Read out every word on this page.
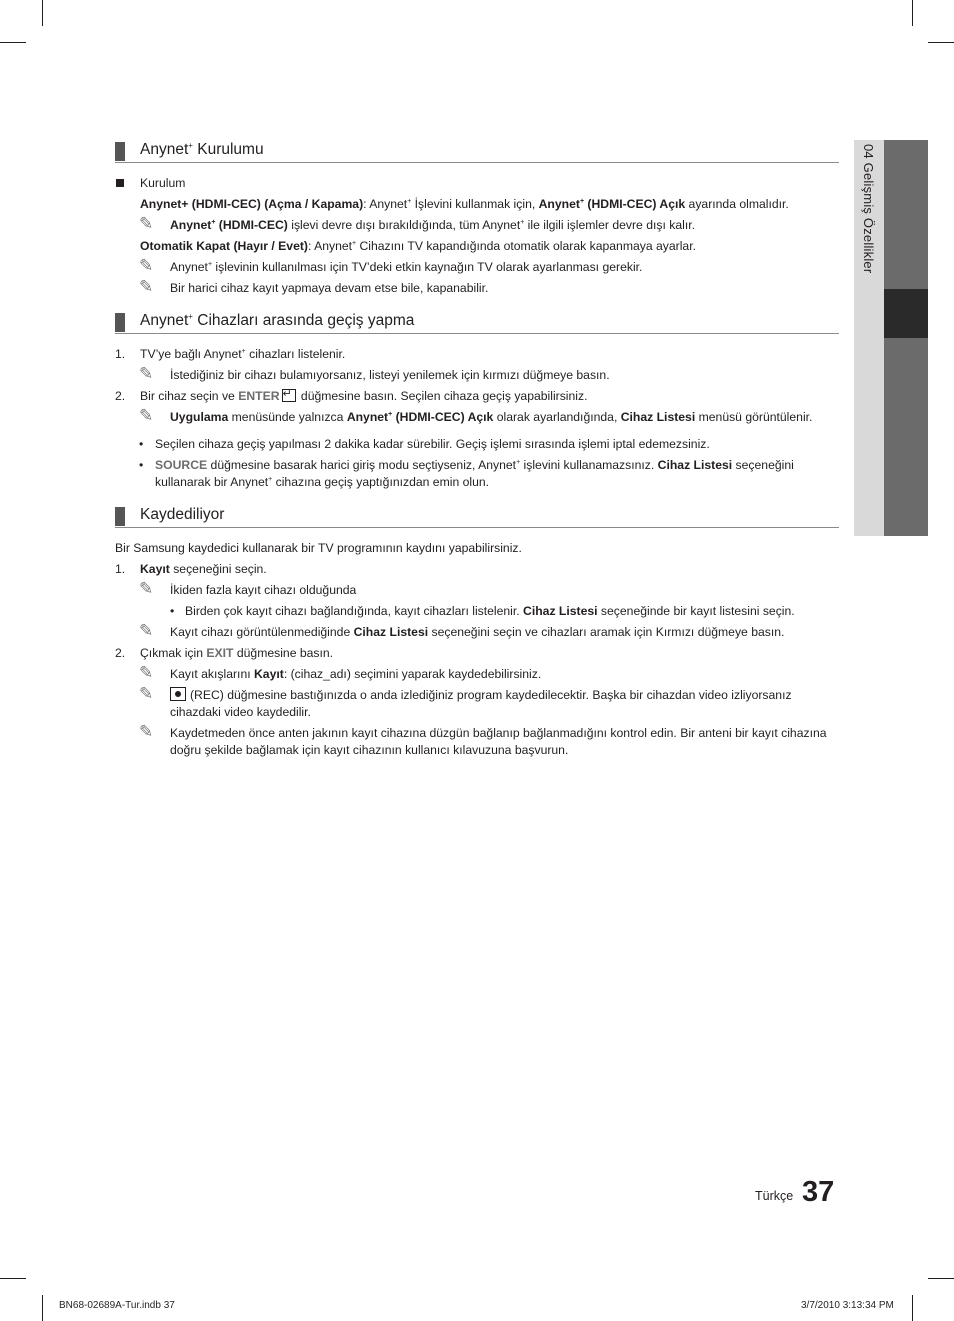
Anynet+ Kurulumu
Kurulum
Anynet+ (HDMI-CEC) (Açma / Kapama): Anynet+ İşlevini kullanmak için, Anynet+ (HDMI-CEC) Açık ayarında olmalıdır.
✎ Anynet+ (HDMI-CEC) işlevi devre dışı bırakıldığında, tüm Anynet+ ile ilgili işlemler devre dışı kalır.
Otomatik Kapat (Hayır / Evet): Anynet+ Cihazını TV kapandığında otomatik olarak kapanmaya ayarlar.
✎ Anynet+ işlevinin kullanılması için TV’deki etkin kaynağın TV olarak ayarlanması gerekir.
✎ Bir harici cihaz kayıt yapmaya devam etse bile, kapanabilir.
Anynet+ Cihazları arasında geçiş yapma
1. TV’ye bağlı Anynet+ cihazları listelenir.
✎ İstediğiniz bir cihazı bulamıyorsanız, listeyi yenilemek için kırmızı düğmeye basın.
2. Bir cihaz seçin ve ENTER↵ düğmesine basın. Seçilen cihaza geçiş yapabilirsiniz.
✎ Uygulama menüsünde yalnızca Anynet+ (HDMI-CEC) Açık olarak ayarlandığında, Cihaz Listesi menüsü görüntülenir.
• Seçilen cihaza geçiş yapılması 2 dakika kadar sürebilir. Geçiş işlemi sırasında işlemi iptal edemezsiniz.
• SOURCE düğmesine basarak harici giriş modu seçtiyseniz, Anynet+ işlevini kullanamazsınız. Cihaz Listesi seçeneğini kullanarak bir Anynet+ cihazına geçiş yaptığınızdan emin olun.
Kaydediliyor
Bir Samsung kaydedici kullanarak bir TV programının kaydını yapabilirsiniz.
1. Kayıt seçeneğini seçin.
✎ İkiden fazla kayıt cihazı olduğunda
• Birden çok kayıt cihazı bağlandığında, kayıt cihazları listelenir. Cihaz Listesi seçeneğinde bir kayıt listesini seçin.
✎ Kayıt cihazı görüntülenmediğinde Cihaz Listesi seçeneğini seçin ve cihazları aramak için Kırmızı düğmeye basın.
2. Çıkmak için EXIT düğmesine basın.
✎ Kayıt akışlarını Kayıt: (cihaz_adı) seçimini yaparak kaydedebilirsiniz.
✎	(REC) düğmesine bastığınızda o anda izlediğiniz program kaydedilecektir. Başka bir cihazdan video izliyorsanız cihazdaki video kaydedilir.
✎ Kaydetmeden önce anten jakının kayıt cihazına düzgün bağlanıp bağlanmadığını kontrol edin. Bir anteni bir kayıt cihazına doğru şekilde bağlamak için kayıt cihazının kullanıcı kılavuzuna başvurun.
04 Gelişmiş Özellikler
Türkçe 37
BN68-02689A-Tur.indb 37	3/7/2010 3:13:34 PM
